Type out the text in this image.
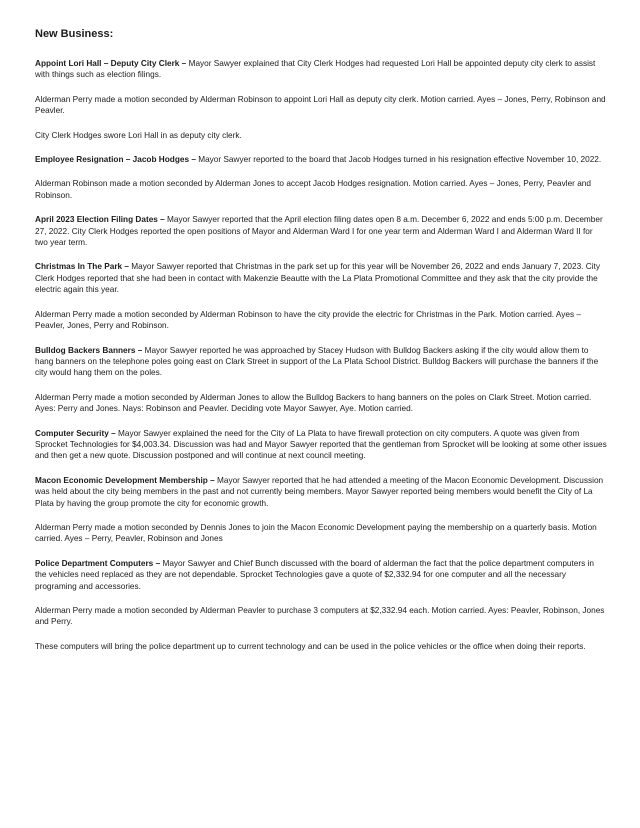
New Business:

Appoint Lori Hall – Deputy City Clerk – Mayor Sawyer explained that City Clerk Hodges had requested Lori Hall be appointed deputy city clerk to assist with things such as election filings.

Alderman Perry made a motion seconded by Alderman Robinson to appoint Lori Hall as deputy city clerk. Motion carried. Ayes – Jones, Perry, Robinson and Peavler.

City Clerk Hodges swore Lori Hall in as deputy city clerk.

Employee Resignation – Jacob Hodges – Mayor Sawyer reported to the board that Jacob Hodges turned in his resignation effective November 10, 2022.

Alderman Robinson made a motion seconded by Alderman Jones to accept Jacob Hodges resignation. Motion carried. Ayes – Jones, Perry, Peavler and Robinson.

April 2023 Election Filing Dates – Mayor Sawyer reported that the April election filing dates open 8 a.m. December 6, 2022 and ends 5:00 p.m. December 27, 2022. City Clerk Hodges reported the open positions of Mayor and Alderman Ward I for one year term and Alderman Ward I and Alderman Ward II for two year term.

Christmas In The Park – Mayor Sawyer reported that Christmas in the park set up for this year will be November 26, 2022 and ends January 7, 2023. City Clerk Hodges reported that she had been in contact with Makenzie Beautte with the La Plata Promotional Committee and they ask that the city provide the electric again this year.

Alderman Perry made a motion seconded by Alderman Robinson to have the city provide the electric for Christmas in the Park. Motion carried. Ayes – Peavler, Jones, Perry and Robinson.

Bulldog Backers Banners – Mayor Sawyer reported he was approached by Stacey Hudson with Bulldog Backers asking if the city would allow them to hang banners on the telephone poles going east on Clark Street in support of the La Plata School District. Bulldog Backers will purchase the banners if the city would hang them on the poles.

Alderman Perry made a motion seconded by Alderman Jones to allow the Bulldog Backers to hang banners on the poles on Clark Street. Motion carried. Ayes: Perry and Jones. Nays: Robinson and Peavler. Deciding vote Mayor Sawyer, Aye. Motion carried.

Computer Security – Mayor Sawyer explained the need for the City of La Plata to have firewall protection on city computers. A quote was given from Sprocket Technologies for $4,003.34. Discussion was had and Mayor Sawyer reported that the gentleman from Sprocket will be looking at some other issues and then get a new quote. Discussion postponed and will continue at next council meeting.

Macon Economic Development Membership – Mayor Sawyer reported that he had attended a meeting of the Macon Economic Development. Discussion was held about the city being members in the past and not currently being members. Mayor Sawyer reported being members would benefit the City of La Plata by having the group promote the city for economic growth.

Alderman Perry made a motion seconded by Dennis Jones to join the Macon Economic Development paying the membership on a quarterly basis. Motion carried. Ayes – Perry, Peavler, Robinson and Jones

Police Department Computers – Mayor Sawyer and Chief Bunch discussed with the board of alderman the fact that the police department computers in the vehicles need replaced as they are not dependable. Sprocket Technologies gave a quote of $2,332.94 for one computer and all the necessary programing and accessories.

Alderman Perry made a motion seconded by Alderman Peavler to purchase 3 computers at $2,332.94 each. Motion carried. Ayes: Peavler, Robinson, Jones and Perry.

These computers will bring the police department up to current technology and can be used in the police vehicles or the office when doing their reports.
